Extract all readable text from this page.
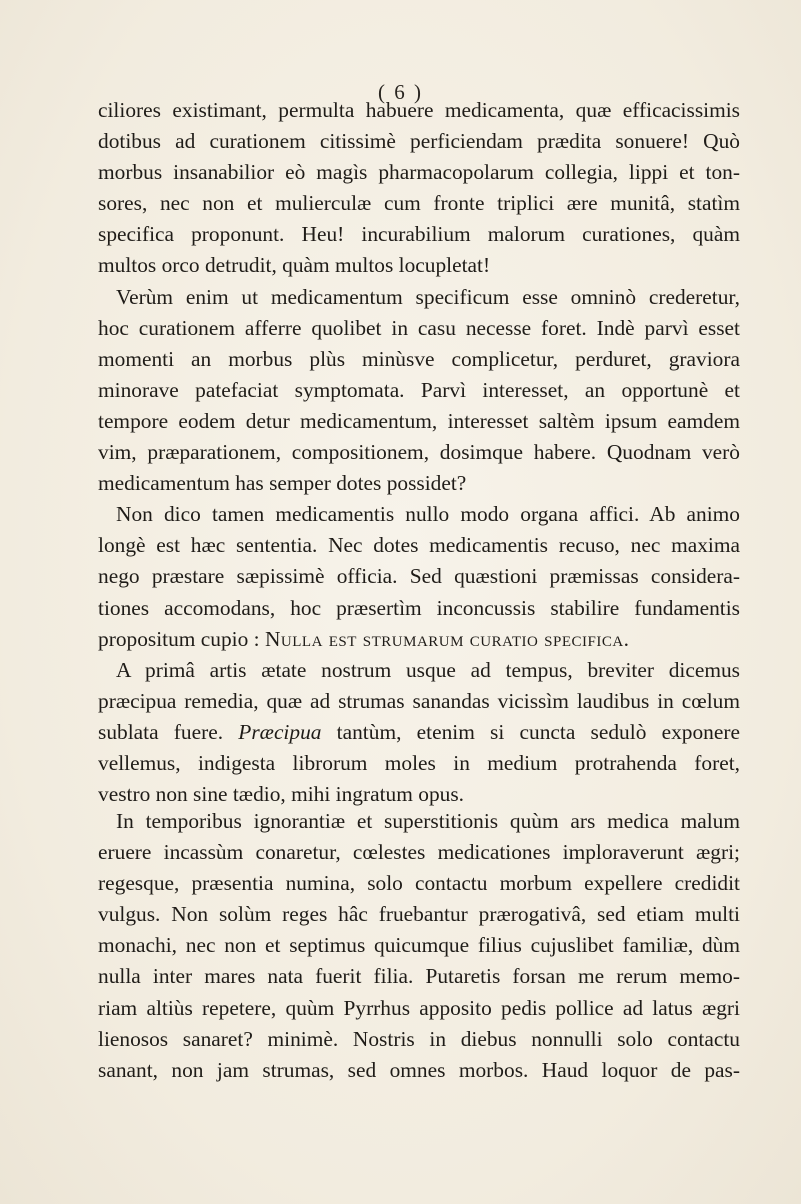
( 6 )
ciliores existimant, permulta habuere medicamenta, quæ efficacissimis
dotibus ad curationem citissimè perficiendam prædita sonuere! Quò
morbus insanabilior eò magìs pharmacopolarum collegia, lippi et ton-
sores, nec non et mulierculæ cum fronte triplici ære munitâ, statìm
specifica proponunt. Heu! incurabilium malorum curationes, quàm
multos orco detrudit, quàm multos locupletat!
Verùm enim ut medicamentum specificum esse omninò crederetur,
hoc curationem afferre quolibet in casu necesse foret. Indè parvì esset
momenti an morbus plùs minùsve complicetur, perduret, graviora
minorave patefaciat symptomata. Parvì interesset, an opportunè et
tempore eodem detur medicamentum, interesset saltèm ipsum eamdem
vim, præparationem, compositionem, dosimque habere. Quodnam verò
medicamentum has semper dotes possidet?
Non dico tamen medicamentis nullo modo organa affici. Ab animo
longè est hæc sententia. Nec dotes medicamentis recuso, nec maxima
nego præstare sæpissimè officia. Sed quæstioni præmissas considera-
tiones accomodans, hoc præsertìm inconcussis stabilire fundamentis
propositum cupio : Nulla est strumarum curatio specifica.
A primâ artis ætate nostrum usque ad tempus, breviter dicemus
præcipua remedia, quæ ad strumas sanandas vicissìm laudibus in cœlum
sublata fuere. Præcipua tantùm, etenim si cuncta sedulò exponere
vellemus, indigesta librorum moles in medium protrahenda foret,
vestro non sine tædio, mihi ingratum opus.
In temporibus ignorantiæ et superstitionis quùm ars medica malum
eruere incassùm conaretur, cœlestes medicationes imploraverunt ægri;
regesque, præsentia numina, solo contactu morbum expellere credidit
vulgus. Non solùm reges hâc fruebantur prærogativâ, sed etiam multi
monachi, nec non et septimus quicumque filius cujuslibet familiæ, dùm
nulla inter mares nata fuerit filia. Putaretis forsan me rerum memo-
riam altiùs repetere, quùm Pyrrhus apposito pedis pollice ad latus ægri
lienosos sanaret? minimè. Nostris in diebus nonnulli solo contactu
sanant, non jam strumas, sed omnes morbos. Haud loquor de pas-
